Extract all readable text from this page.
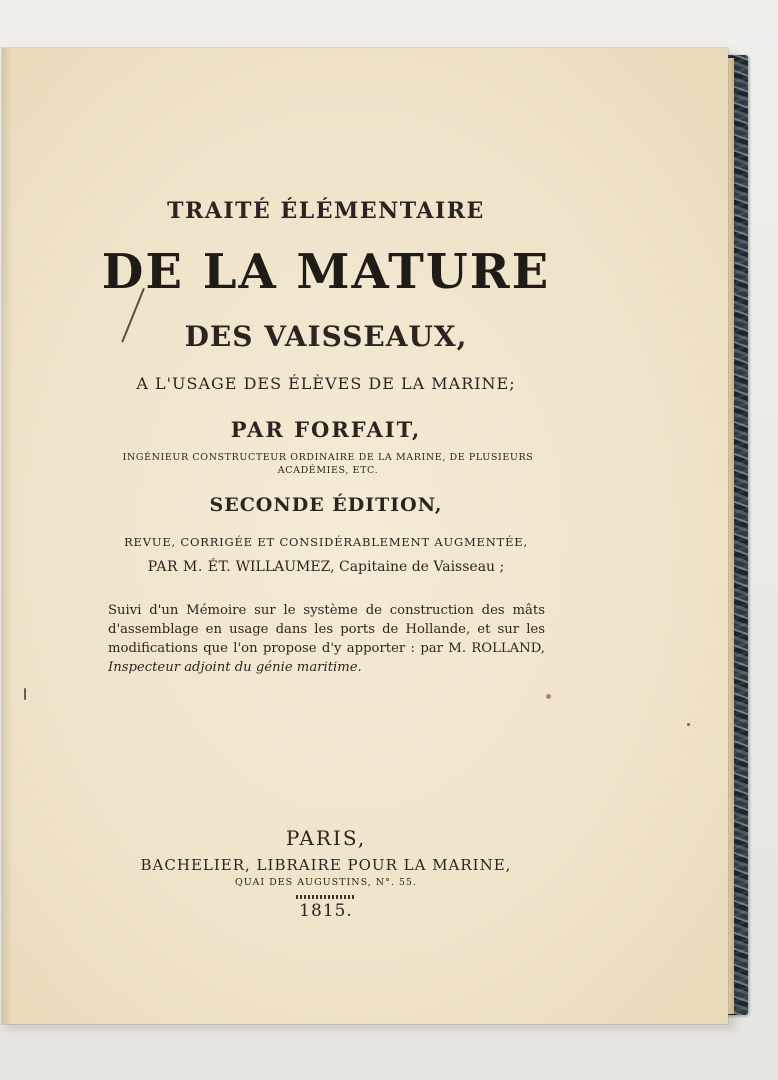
TRAITÉ ÉLÉMENTAIRE
DE LA MATURE
DES VAISSEAUX,
A L'USAGE DES ÉLÈVES DE LA MARINE;
PAR FORFAIT,
INGÉNIEUR CONSTRUCTEUR ORDINAIRE DE LA MARINE, DE PLUSIEURS
ACADÉMIES, ETC.
SECONDE ÉDITION,
REVUE, CORRIGÉE ET CONSIDÉRABLEMENT AUGMENTÉE,
PAR M. ÉT. WILLAUMEZ, Capitaine de Vaisseau ;
Suivi d'un Mémoire sur le système de construction des mâts d'assemblage en usage dans les ports de Hollande, et sur les modifications que l'on propose d'y apporter : par M. ROLLAND, Inspecteur adjoint du génie maritime.
PARIS,
BACHELIER, LIBRAIRE POUR LA MARINE,
QUAI DES AUGUSTINS, N°. 55.
1815.
